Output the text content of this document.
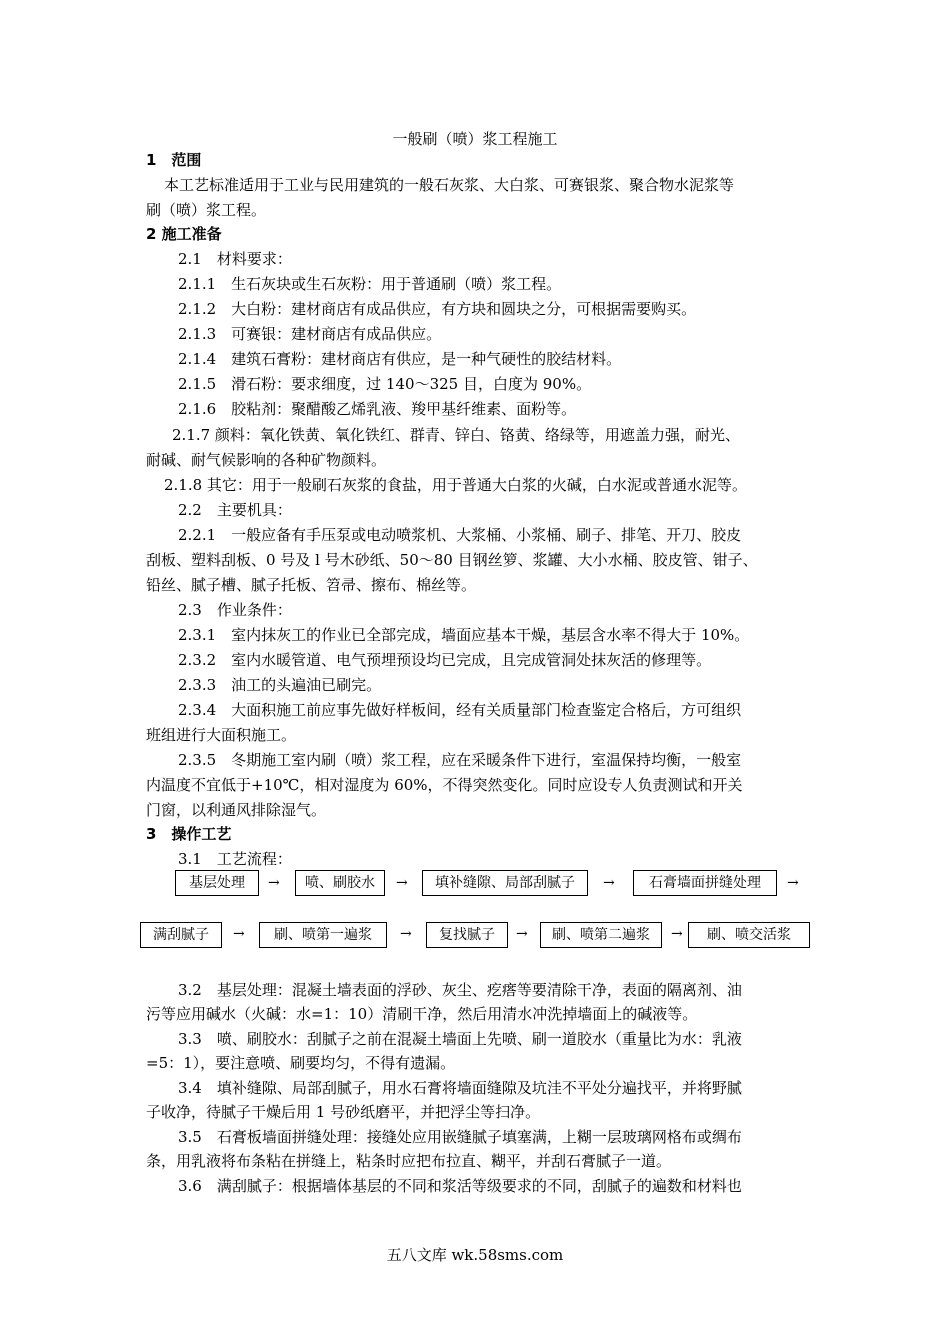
一般刷（喷）浆工程施工
1　范围
本工艺标准适用于工业与民用建筑的一般石灰浆、大白浆、可赛银浆、聚合物水泥浆等
刷（喷）浆工程。
2 施工准备
2.1　材料要求：
2.1.1　生石灰块或生石灰粉：用于普通刷（喷）浆工程。
2.1.2　大白粉：建材商店有成品供应，有方块和圆块之分，可根据需要购买。
2.1.3　可赛银：建材商店有成品供应。
2.1.4　建筑石膏粉：建材商店有供应，是一种气硬性的胶结材料。
2.1.5　滑石粉：要求细度，过 140～325 目，白度为 90%。
2.1.6　胶粘剂：聚醋酸乙烯乳液、羧甲基纤维素、面粉等。
2.1.7 颜料：氧化铁黄、氧化铁红、群青、锌白、铬黄、络绿等，用遮盖力强，耐光、
耐碱、耐气候影响的各种矿物颜料。
2.1.8 其它：用于一般刷石灰浆的食盐，用于普通大白浆的火碱，白水泥或普通水泥等。
2.2　主要机具：
2.2.1　一般应备有手压泵或电动喷浆机、大浆桶、小浆桶、刷子、排笔、开刀、胶皮
刮板、塑料刮板、0 号及 l 号木砂纸、50～80 目钢丝箩、浆罐、大小水桶、胶皮管、钳子、
铅丝、腻子槽、腻子托板、笤帚、擦布、棉丝等。
2.3　作业条件：
2.3.1　室内抹灰工的作业已全部完成，墙面应基本干燥，基层含水率不得大于 10%。
2.3.2　室内水暖管道、电气预埋预设均已完成，且完成管洞处抹灰活的修理等。
2.3.3　油工的头遍油已刷完。
2.3.4　大面积施工前应事先做好样板间，经有关质量部门检查鉴定合格后，方可组织
班组进行大面积施工。
2.3.5　冬期施工室内刷（喷）浆工程，应在采暖条件下进行，室温保持均衡，一般室
内温度不宜低于+10℃，相对湿度为 60%，不得突然变化。同时应设专人负责测试和开关
门窗，以利通风排除湿气。
3　操作工艺
3.1　工艺流程：
基层处理	→	喷、刷胶水	→	填补缝隙、局部刮腻子	→	石膏墙面拼缝处理	→
满刮腻子	→	刷、喷第一遍浆	→	复找腻子	→	刷、喷第二遍浆	→	刷、喷交活浆
3.2　基层处理：混凝土墙表面的浮砂、灰尘、疙瘩等要清除干净，表面的隔离剂、油
污等应用碱水（火碱：水=1：10）清刷干净，然后用清水冲洗掉墙面上的碱液等。
3.3　喷、刷胶水：刮腻子之前在混凝土墙面上先喷、刷一道胶水（重量比为水：乳液
=5：1），要注意喷、刷要均匀，不得有遗漏。
3.4　填补缝隙、局部刮腻子，用水石膏将墙面缝隙及坑洼不平处分遍找平，并将野腻
子收净，待腻子干燥后用 1 号砂纸磨平，并把浮尘等扫净。
3.5　石膏板墙面拼缝处理：接缝处应用嵌缝腻子填塞满，上糊一层玻璃网格布或绸布
条，用乳液将布条粘在拼缝上，粘条时应把布拉直、糊平，并刮石膏腻子一道。
3.6　满刮腻子：根据墙体基层的不同和浆活等级要求的不同，刮腻子的遍数和材料也
五八文库 wk.58sms.com
